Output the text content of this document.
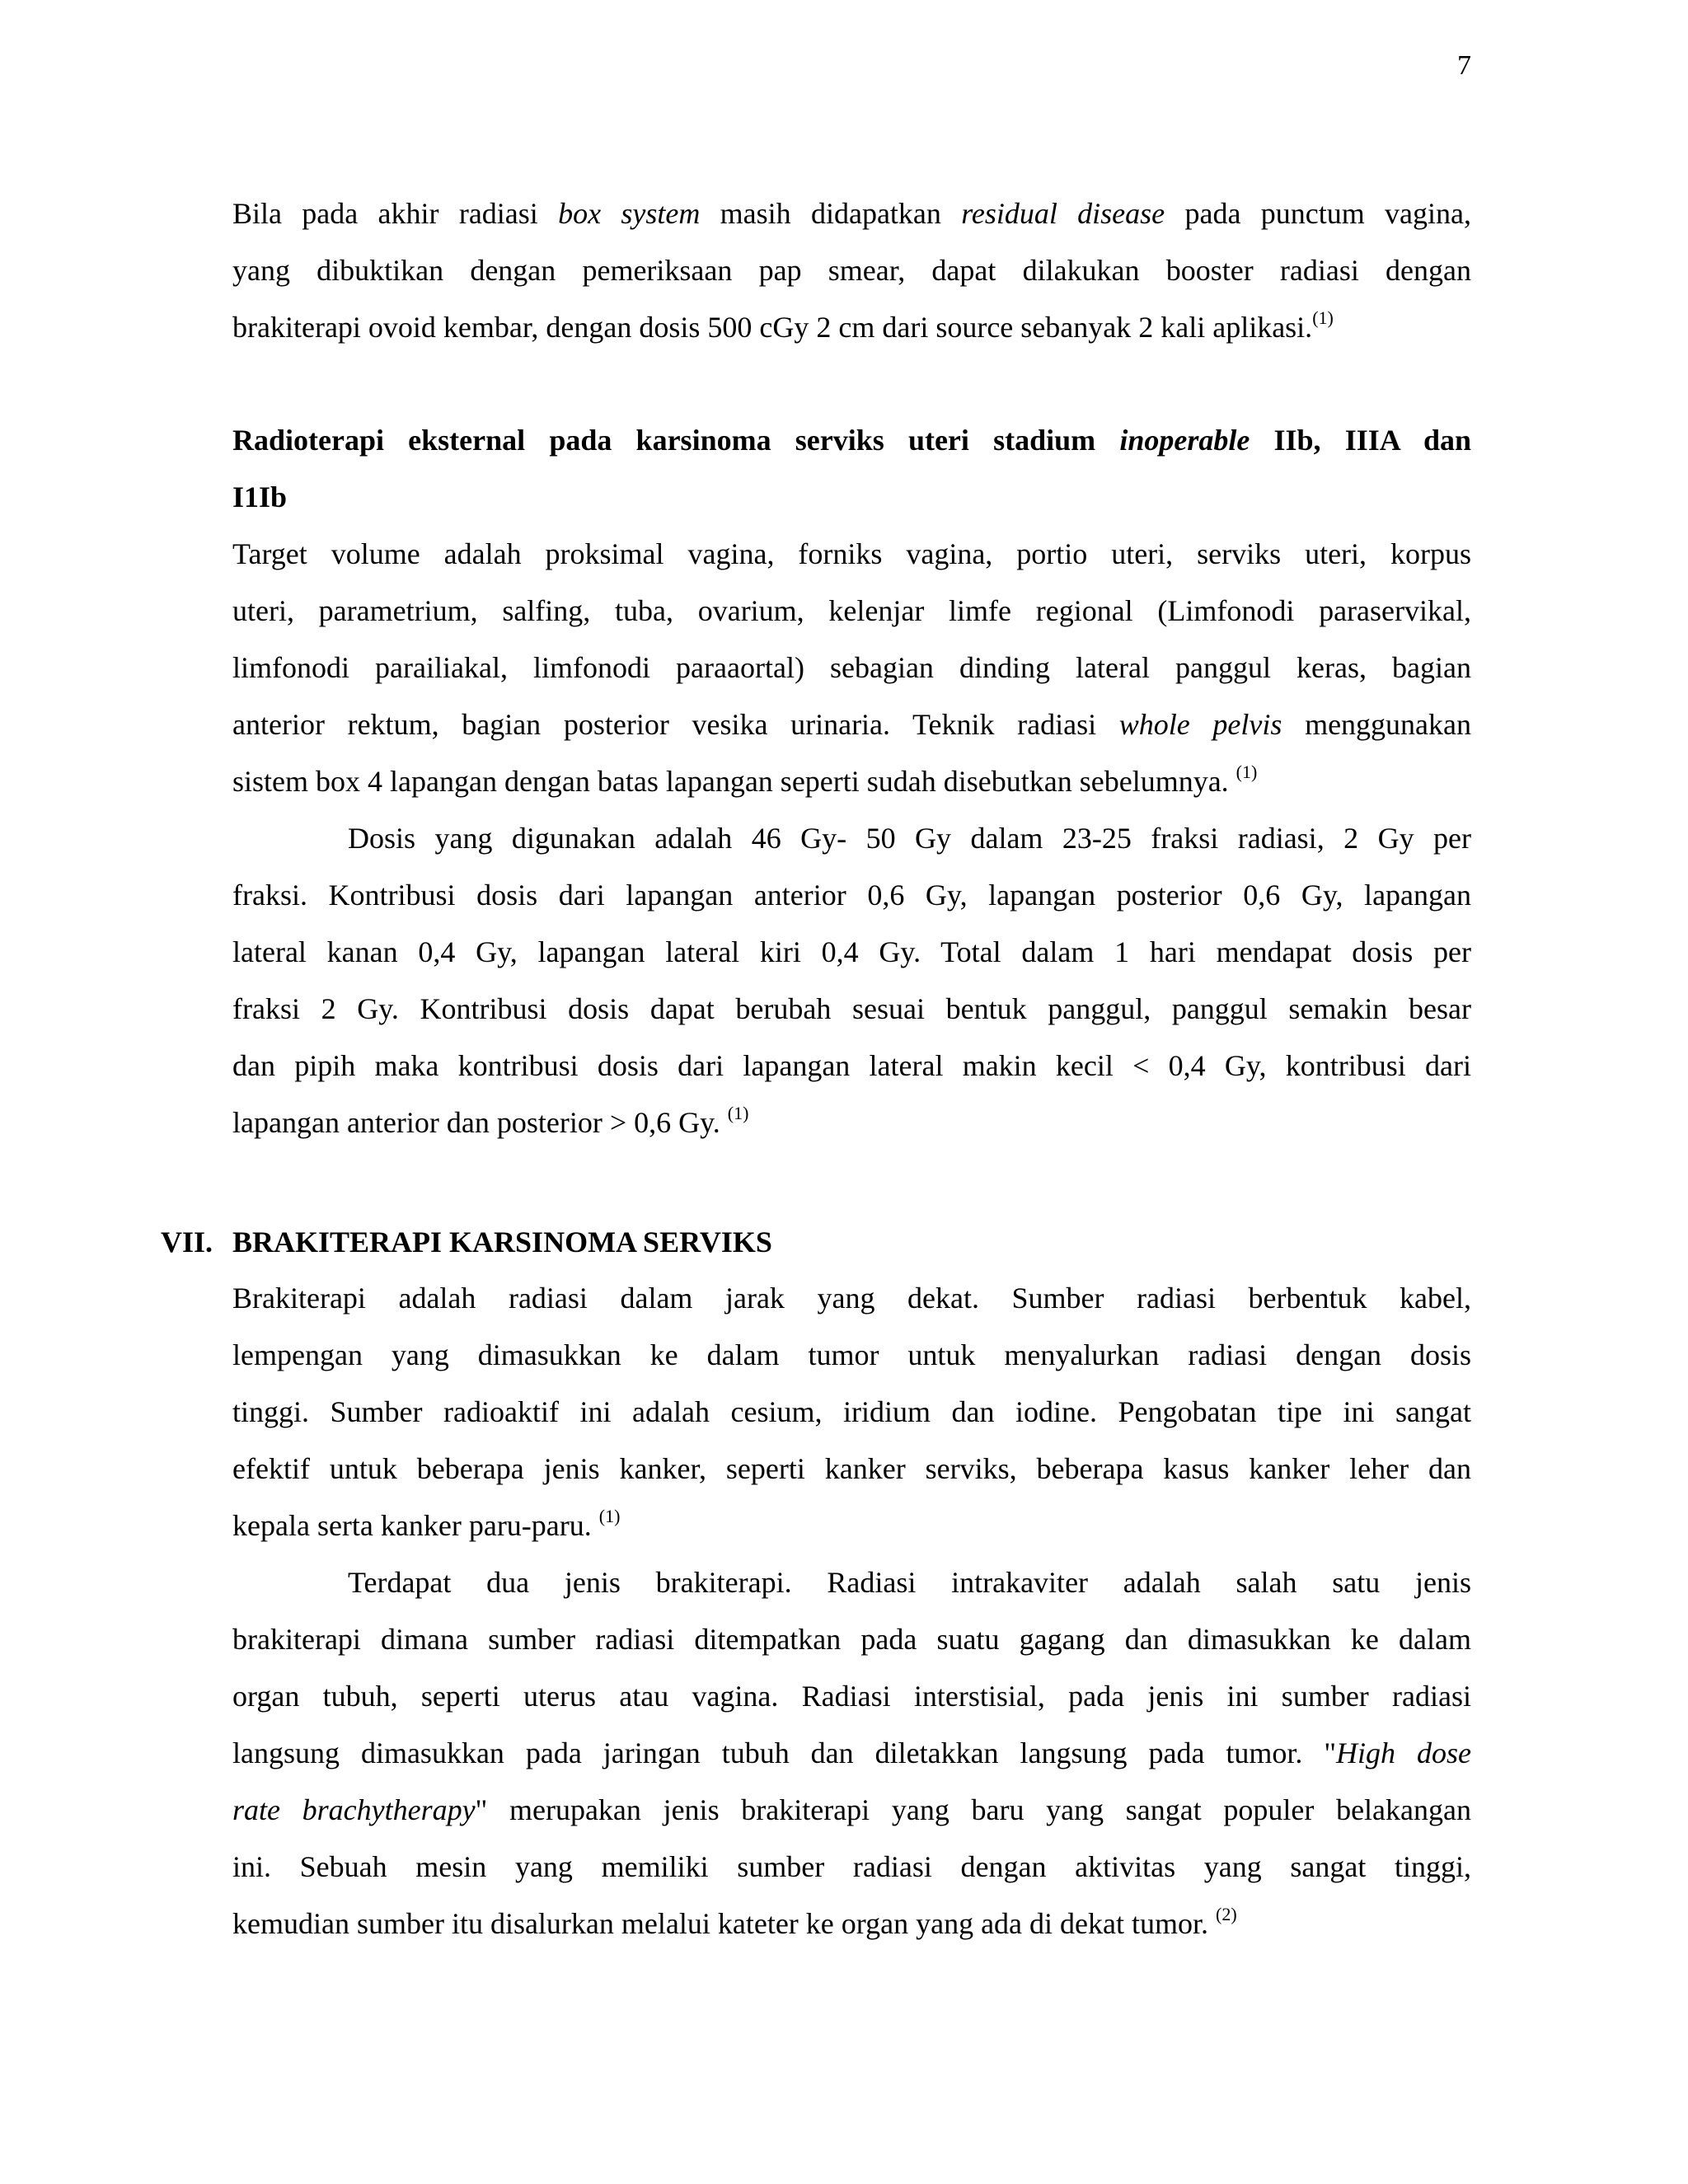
7
Bila pada akhir radiasi box system masih didapatkan residual disease pada punctum vagina,
yang dibuktikan dengan pemeriksaan pap smear, dapat dilakukan booster radiasi dengan
brakiterapi ovoid kembar, dengan dosis 500 cGy 2 cm dari source sebanyak 2 kali aplikasi.$^{(1)}$
Radioterapi eksternal pada karsinoma serviks uteri stadium inoperable IIb, IIIA dan
I1Ib
Target volume adalah proksimal vagina, forniks vagina, portio uteri, serviks uteri, korpus
uteri, parametrium, salfing, tuba, ovarium, kelenjar limfe regional (Limfonodi paraservikal,
limfonodi parailiakal, limfonodi paraaortal) sebagian dinding lateral panggul keras, bagian
anterior rektum, bagian posterior vesika urinaria. Teknik radiasi whole pelvis menggunakan
sistem box 4 lapangan dengan batas lapangan seperti sudah disebutkan sebelumnya. $^{(1)}$
Dosis yang digunakan adalah 46 Gy- 50 Gy dalam 23-25 fraksi radiasi, 2 Gy per
fraksi. Kontribusi dosis dari lapangan anterior 0,6 Gy, lapangan posterior 0,6 Gy, lapangan
lateral kanan 0,4 Gy, lapangan lateral kiri 0,4 Gy. Total dalam 1 hari mendapat dosis per
fraksi 2 Gy. Kontribusi dosis dapat berubah sesuai bentuk panggul, panggul semakin besar
dan pipih maka kontribusi dosis dari lapangan lateral makin kecil < 0,4 Gy, kontribusi dari
lapangan anterior dan posterior > 0,6 Gy. $^{(1)}$
VII. BRAKITERAPI KARSINOMA SERVIKS
Brakiterapi adalah radiasi dalam jarak yang dekat. Sumber radiasi berbentuk kabel,
lempengan yang dimasukkan ke dalam tumor untuk menyalurkan radiasi dengan dosis
tinggi. Sumber radioaktif ini adalah cesium, iridium dan iodine. Pengobatan tipe ini sangat
efektif untuk beberapa jenis kanker, seperti kanker serviks, beberapa kasus kanker leher dan
kepala serta kanker paru-paru. $^{(1)}$
Terdapat dua jenis brakiterapi. Radiasi intrakaviter adalah salah satu jenis
brakiterapi dimana sumber radiasi ditempatkan pada suatu gagang dan dimasukkan ke dalam
organ tubuh, seperti uterus atau vagina. Radiasi interstisial, pada jenis ini sumber radiasi
langsung dimasukkan pada jaringan tubuh dan diletakkan langsung pada tumor. "High dose
rate brachytherapy" merupakan jenis brakiterapi yang baru yang sangat populer belakangan
ini. Sebuah mesin yang memiliki sumber radiasi dengan aktivitas yang sangat tinggi,
kemudian sumber itu disalurkan melalui kateter ke organ yang ada di dekat tumor. $^{(2)}$
